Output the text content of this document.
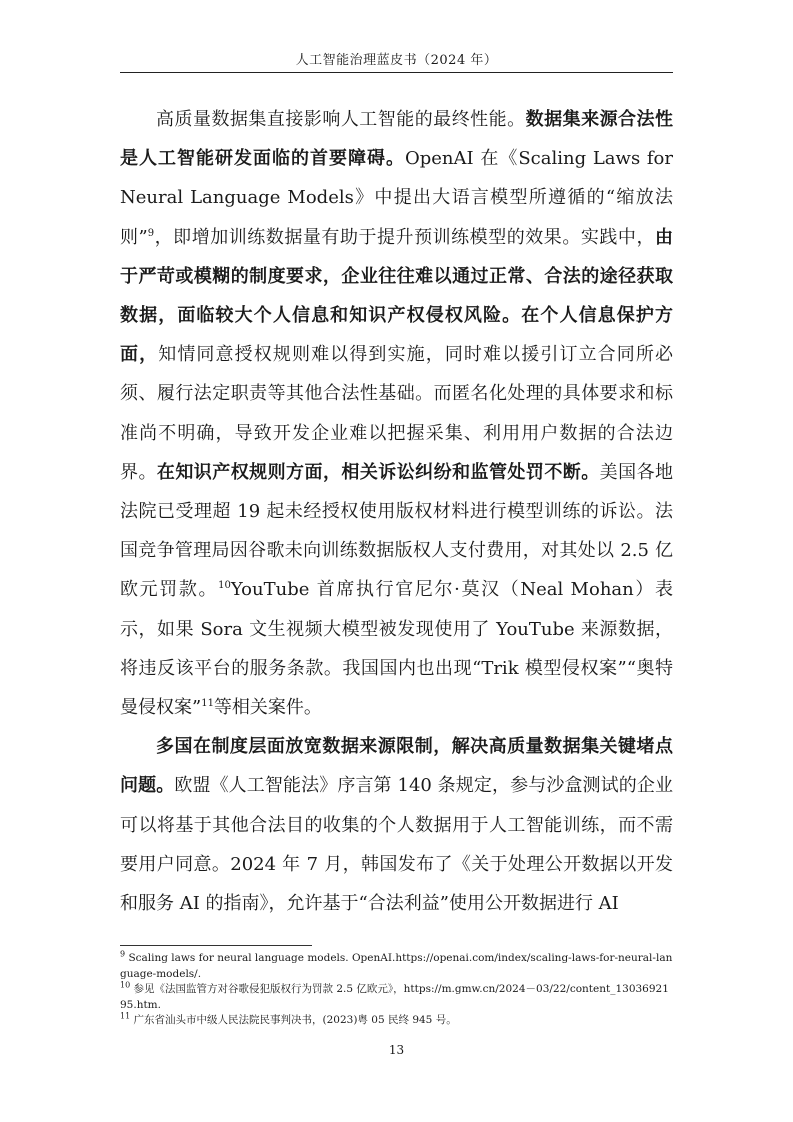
人工智能治理蓝皮书（2024 年）

高质量数据集直接影响人工智能的最终性能。数据集来源合法性是人工智能研发面临的首要障碍。OpenAI 在《Scaling Laws for Neural Language Models》中提出大语言模型所遵循的“缩放法则”$^9$，即增加训练数据量有助于提升预训练模型的效果。实践中，由于严苛或模糊的制度要求，企业往往难以通过正常、合法的途径获取数据，面临较大个人信息和知识产权侵权风险。在个人信息保护方面，知情同意授权规则难以得到实施，同时难以援引订立合同所必须、履行法定职责等其他合法性基础。而匿名化处理的具体要求和标准尚不明确，导致开发企业难以把握采集、利用用户数据的合法边界。在知识产权规则方面，相关诉讼纠纷和监管处罚不断。美国各地法院已受理超 19 起未经授权使用版权材料进行模型训练的诉讼。法国竞争管理局因谷歌未向训练数据版权人支付费用，对其处以 2.5 亿欧元罚款。$^{10}$YouTube 首席执行官尼尔·莫汉（Neal Mohan）表示，如果 Sora 文生视频大模型被发现使用了 YouTube 来源数据，将违反该平台的服务条款。我国国内也出现“Trik 模型侵权案”“奥特曼侵权案”$^{11}$等相关案件。

多国在制度层面放宽数据来源限制，解决高质量数据集关键堵点问题。欧盟《人工智能法》序言第 140 条规定，参与沙盒测试的企业可以将基于其他合法目的收集的个人数据用于人工智能训练，而不需要用户同意。2024 年 7 月，韩国发布了《关于处理公开数据以开发和服务 AI 的指南》，允许基于“合法利益”使用公开数据进行 AI

$^9$ Scaling laws for neural language models. OpenAI.https://openai.com/index/scaling-laws-for-neural-language-models/.

$^{10}$ 参见《法国监管方对谷歌侵犯版权行为罚款 2.5 亿欧元》，https://m.gmw.cn/2024－03/22/content_1303692195.htm.

$^{11}$ 广东省汕头市中级人民法院民事判决书，(2023)粤 05 民终 945 号。

13
